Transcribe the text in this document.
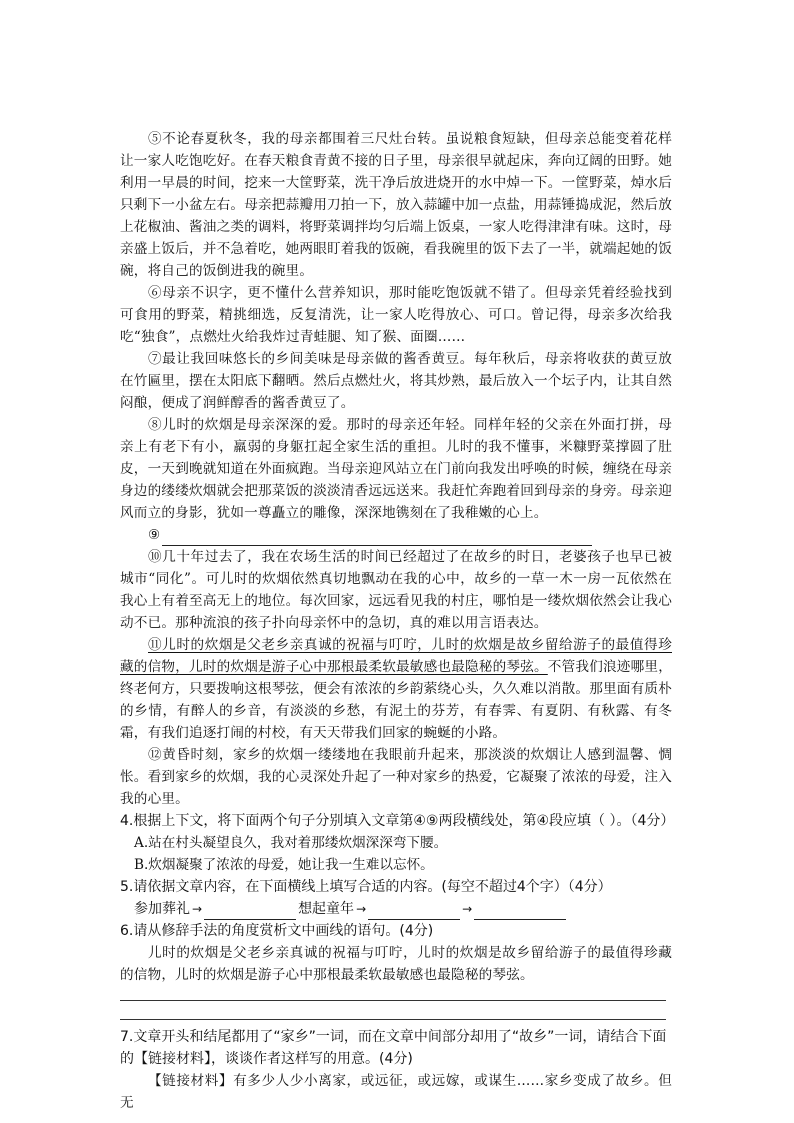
⑤不论春夏秋冬，我的母亲都围着三尺灶台转。虽说粮食短缺，但母亲总能变着花样让一家人吃饱吃好。在春天粮食青黄不接的日子里，母亲很早就起床，奔向辽阔的田野。她利用一早晨的时间，挖来一大筐野菜，洗干净后放进烧开的水中焯一下。一筐野菜，焯水后只剩下一小盆左右。母亲把蒜瓣用刀拍一下，放入蒜罐中加一点盐，用蒜锤捣成泥，然后放上花椒油、酱油之类的调料，将野菜调拌均匀后端上饭桌，一家人吃得津津有味。这时，母亲盛上饭后，并不急着吃，她两眼盯着我的饭碗，看我碗里的饭下去了一半，就端起她的饭碗，将自己的饭倒进我的碗里。

⑥母亲不识字，更不懂什么营养知识，那时能吃饱饭就不错了。但母亲凭着经验找到可食用的野菜，精挑细选，反复清洗，让一家人吃得放心、可口。曾记得，母亲多次给我吃“独食”，点燃灶火给我炸过青蛙腿、知了猴、面圈……

⑦最让我回味悠长的乡间美味是母亲做的酱香黄豆。每年秋后，母亲将收获的黄豆放在竹匾里，摆在太阳底下翻晒。然后点燃灶火，将其炒熟，最后放入一个坛子内，让其自然闷酿，便成了润鲜醇香的酱香黄豆了。

⑧儿时的炊烟是母亲深深的爱。那时的母亲还年轻。同样年轻的父亲在外面打拼，母亲上有老下有小，羸弱的身躯扛起全家生活的重担。儿时的我不懂事，米糠野菜撑圆了肚皮，一天到晚就知道在外面疯跑。当母亲迎风站立在门前向我发出呼唤的时候，缠绕在母亲身边的缕缕炊烟就会把那菜饭的淡淡清香远远送来。我赶忙奔跑着回到母亲的身旁。母亲迎风而立的身影，犹如一尊矗立的雕像，深深地镌刻在了我稚嫩的心上。

⑨

⑩几十年过去了，我在农场生活的时间已经超过了在故乡的时日，老婆孩子也早已被城市“同化”。可儿时的炊烟依然真切地飘动在我的心中，故乡的一草一木一房一瓦依然在我心上有着至高无上的地位。每次回家，远远看见我的村庄，哪怕是一缕炊烟依然会让我心动不已。那种流浪的孩子扑向母亲怀中的急切，真的难以用言语表达。

⑪儿时的炊烟是父老乡亲真诚的祝福与叮咛，儿时的炊烟是故乡留给游子的最值得珍藏的信物，儿时的炊烟是游子心中那根最柔软最敏感也最隐秘的琴弦。不管我们浪迹哪里，终老何方，只要拨响这根琴弦，便会有浓浓的乡韵萦绕心头，久久难以消散。那里面有质朴的乡情，有醉人的乡音，有淡淡的乡愁，有泥土的芬芳，有春霁、有夏阴、有秋露、有冬霜，有我们追逐打闹的村校，有天天带我们回家的蜿蜒的小路。

⑫黄昏时刻，家乡的炊烟一缕缕地在我眼前升起来，那淡淡的炊烟让人感到温馨、惆怅。看到家乡的炊烟，我的心灵深处升起了一种对家乡的热爱，它凝聚了浓浓的母爱，注入我的心里。

4.根据上下文，将下面两个句子分别填入文章第④⑨两段横线处，第④段应填（ ）。（4分）

A.站在村头凝望良久，我对着那缕炊烟深深弯下腰。

B.炊烟凝聚了浓浓的母爱，她让我一生难以忘怀。

5.请依据文章内容，在下面横线上填写合适的内容。(每空不超过4个字）（4分）

参加葬礼 →	想起童年 →	→

6.请从修辞手法的角度赏析文中画线的语句。(4分)

儿时的炊烟是父老乡亲真诚的祝福与叮咛，儿时的炊烟是故乡留给游子的最值得珍藏的信物，儿时的炊烟是游子心中那根最柔软最敏感也最隐秘的琴弦。

7.文章开头和结尾都用了“家乡”一词，而在文章中间部分却用了“故乡”一词，请结合下面的【链接材料】，谈谈作者这样写的用意。(4分)

【链接材料】有多少人少小离家，或远征，或远嫁，或谋生……家乡变成了故乡。但无
